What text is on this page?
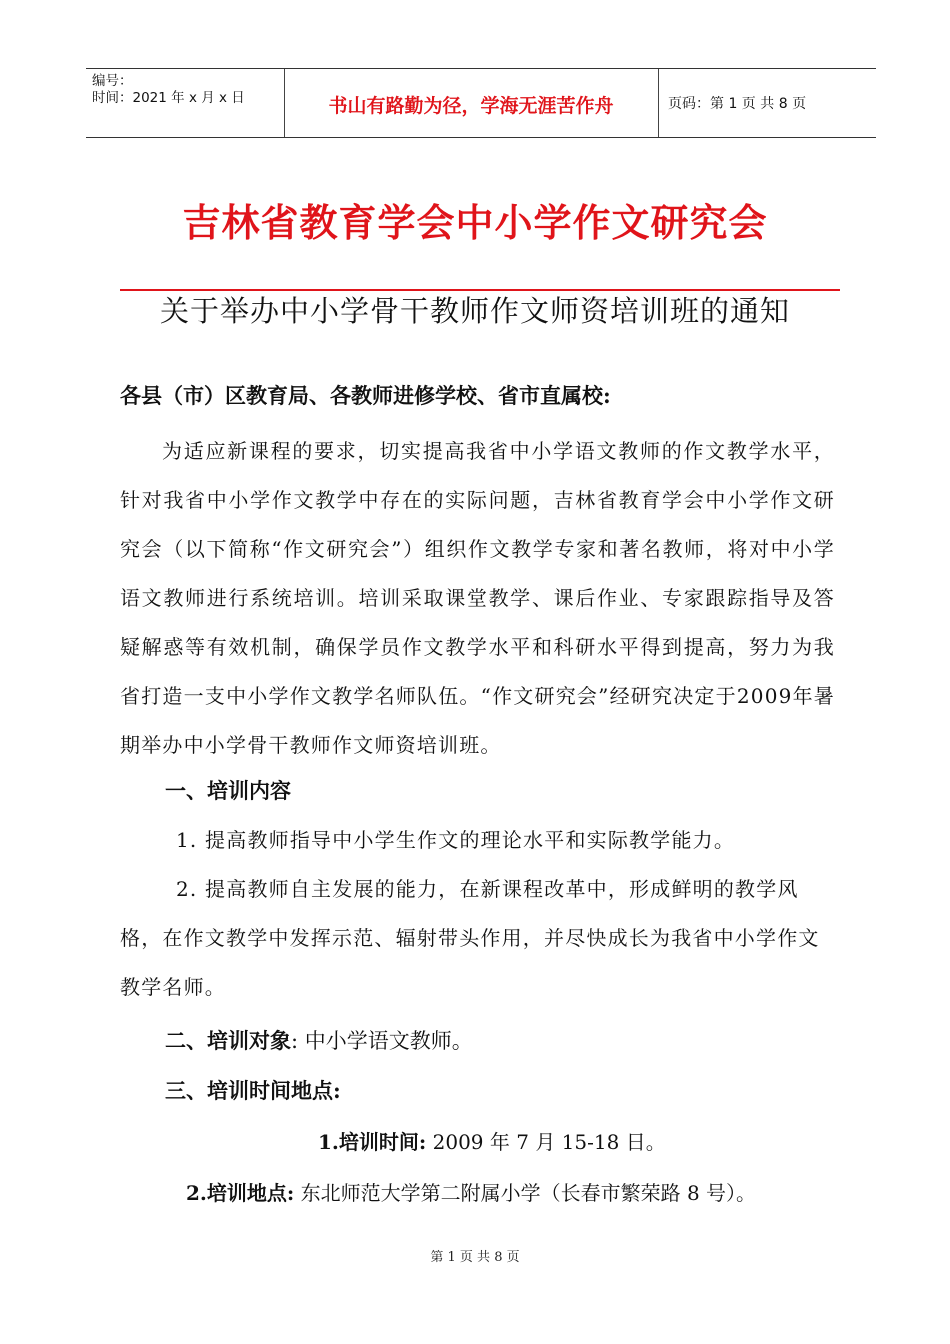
编号：
时间：2021 年 x 月 x 日	书山有路勤为径，学海无涯苦作舟	页码：第 1 页 共 8 页
吉林省教育学会中小学作文研究会
关于举办中小学骨干教师作文师资培训班的通知
各县（市）区教育局、各教师进修学校、省市直属校:
为适应新课程的要求，切实提高我省中小学语文教师的作文教学水平，针对我省中小学作文教学中存在的实际问题，吉林省教育学会中小学作文研究会（以下简称“作文研究会”）组织作文教学专家和著名教师，将对中小学语文教师进行系统培训。培训采取课堂教学、课后作业、专家跟踪指导及答疑解惑等有效机制，确保学员作文教学水平和科研水平得到提高，努力为我省打造一支中小学作文教学名师队伍。“作文研究会”经研究决定于2009年暑期举办中小学骨干教师作文师资培训班。
一、培训内容
1. 提高教师指导中小学生作文的理论水平和实际教学能力。
2. 提高教师自主发展的能力，在新课程改革中，形成鲜明的教学风格，在作文教学中发挥示范、辐射带头作用，并尽快成长为我省中小学作文教学名师。
二、培训对象: 中小学语文教师。
三、培训时间地点:
1.培训时间: 2009 年 7 月 15-18 日。
2.培训地点: 东北师范大学第二附属小学（长春市繁荣路 8 号）。
第 1 页 共 8 页
